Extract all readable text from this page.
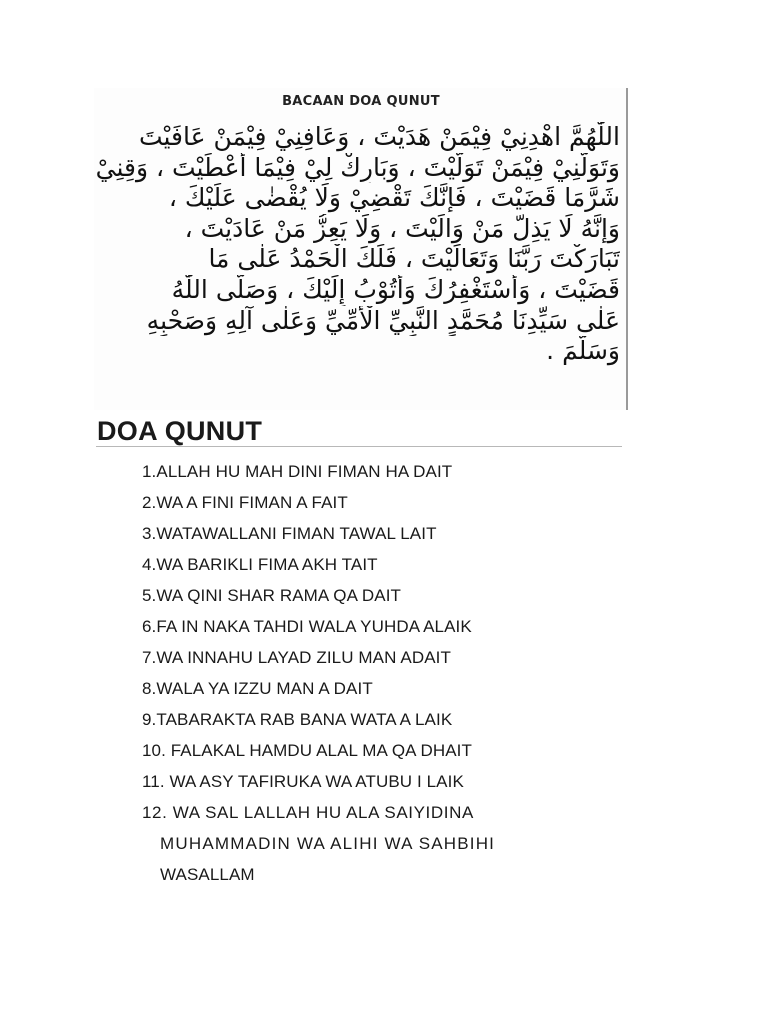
BACAAN DOA QUNUT
اللّٰهُمَّ اهْدِنِيْ فِيْمَنْ هَدَيْتَ ، وَعَافِنِيْ فِيْمَنْ عَافَيْتَ
وَتَوَلَّنِيْ فِيْمَنْ تَوَلَّيْتَ ، وَبَارِكْ لِيْ فِيْمَا أَعْطَيْتَ ، وَقِنِيْ
شَرَّمَا قَضَيْتَ ، فَإِنَّكَ تَقْضِيْ وَلَا يُقْضٰى عَلَيْكَ ،
وَإِنَّهُ لَا يَذِلُّ مَنْ وَالَيْتَ ، وَلَا يَعِزُّ مَنْ عَادَيْتَ ،
تَبَارَكْتَ رَبَّنَا وَتَعَالَيْتَ ، فَلَكَ الْحَمْدُ عَلٰى مَا
قَضَيْتَ ، وَأَسْتَغْفِرُكَ وَأَتُوْبُ إِلَيْكَ ، وَصَلَّى اللّٰهُ
عَلٰى سَيِّدِنَا مُحَمَّدٍ النَّبِيِّ الْأُمِّيِّ وَعَلٰى آلِهِ وَصَحْبِهِ
وَسَلَّمَ .
DOA QUNUT
1.ALLAH HU MAH DINI FIMAN HA DAIT
2.WA A FINI FIMAN A FAIT
3.WATAWALLANI FIMAN TAWAL LAIT
4.WA BARIKLI FIMA AKH TAIT
5.WA QINI SHAR RAMA QA DAIT
6.FA IN NAKA TAHDI WALA YUHDA ALAIK
7.WA INNAHU LAYAD ZILU MAN ADAIT
8.WALA YA IZZU MAN A DAIT
9.TABARAKTA RAB BANA WATA A LAIK
10. FALAKAL HAMDU ALAL MA QA DHAIT
11. WA ASY TAFIRUKA WA ATUBU I LAIK
12. WA SAL LALLAH HU ALA SAIYIDINA
MUHAMMADIN WA ALIHI WA SAHBIHI
WASALLAM
